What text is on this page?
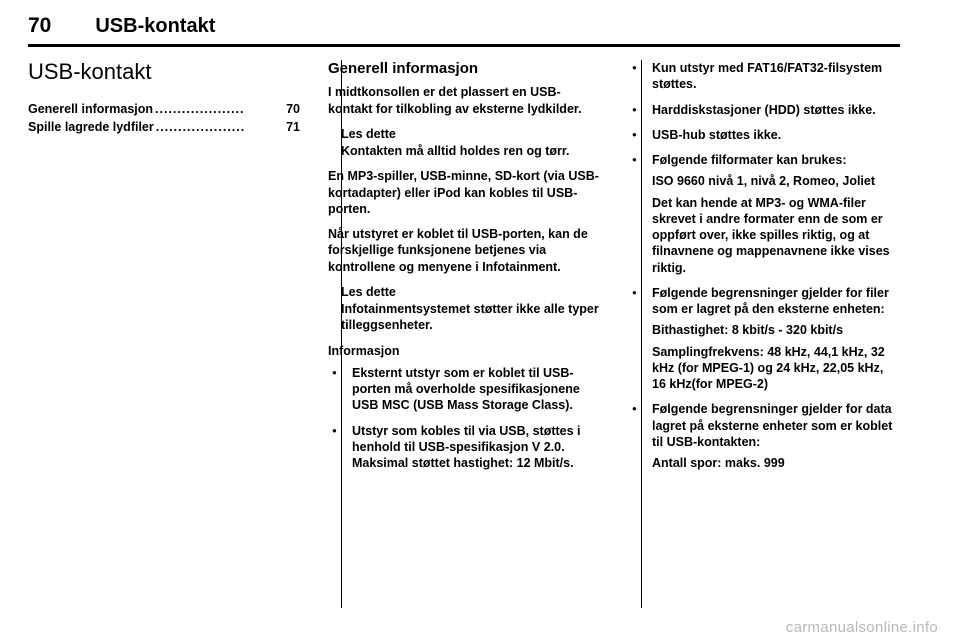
70 USB-kontakt
USB-kontakt
Generell informasjon ....................	70
Spille lagrede lydfiler ....................	71
Generell informasjon

I midtkonsollen er det plassert en USB-kontakt for tilkobling av eksterne lydkilder.

Les dette
Kontakten må alltid holdes ren og tørr.

En MP3-spiller, USB-minne, SD-kort (via USB-kortadapter) eller iPod kan kobles til USB-porten.

Når utstyret er koblet til USB-porten, kan de forskjellige funksjonene betjenes via kontrollene og menyene i Infotainment.

Les dette
Infotainmentsystemet støtter ikke alle typer tilleggsenheter.

Informasjon

● Eksternt utstyr som er koblet til USB-porten må overholde spesifikasjonene USB MSC (USB Mass Storage Class).
● Utstyr som kobles til via USB, støttes i henhold til USB-spesifikasjon V 2.0. Maksimal støttet hastighet: 12 Mbit/s.
● Kun utstyr med FAT16/FAT32-filsystem støttes.
● Harddiskstasjoner (HDD) støttes ikke.
● USB-hub støttes ikke.
● Følgende filformater kan brukes:
ISO 9660 nivå 1, nivå 2, Romeo, Joliet
Det kan hende at MP3- og WMA-filer skrevet i andre formater enn de som er oppført over, ikke spilles riktig, og at filnavnene og mappenavnene ikke vises riktig.
● Følgende begrensninger gjelder for filer som er lagret på den eksterne enheten:
Bithastighet: 8 kbit/s - 320 kbit/s
Samplingfrekvens: 48 kHz, 44,1 kHz, 32 kHz (for MPEG-1) og 24 kHz, 22,05 kHz, 16 kHz(for MPEG-2)
● Følgende begrensninger gjelder for data lagret på eksterne enheter som er koblet til USB-kontakten:
Antall spor: maks. 999
carmanualsonline.info
